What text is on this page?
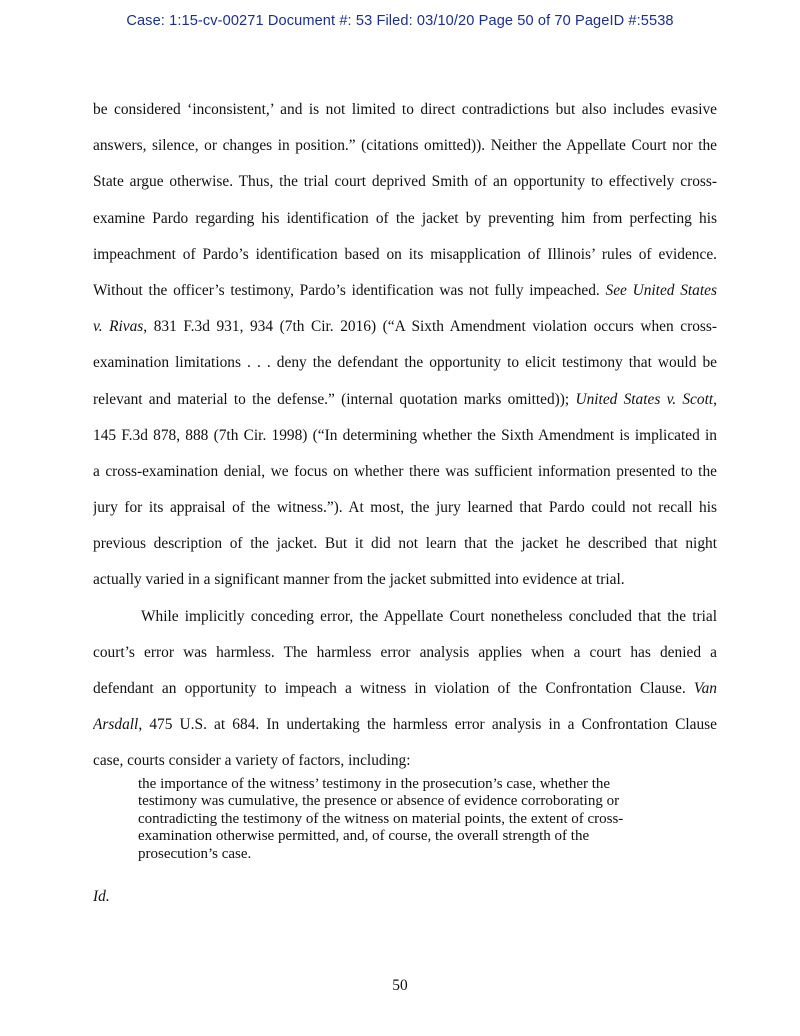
Case: 1:15-cv-00271 Document #: 53 Filed: 03/10/20 Page 50 of 70 PageID #:5538
be considered ‘inconsistent,’ and is not limited to direct contradictions but also includes evasive
answers, silence, or changes in position.” (citations omitted)). Neither the Appellate Court nor the
State argue otherwise. Thus, the trial court deprived Smith of an opportunity to effectively cross-
examine Pardo regarding his identification of the jacket by preventing him from perfecting his
impeachment of Pardo’s identification based on its misapplication of Illinois’ rules of evidence.
Without the officer’s testimony, Pardo’s identification was not fully impeached. See United States
v. Rivas, 831 F.3d 931, 934 (7th Cir. 2016) (“A Sixth Amendment violation occurs when cross-
examination limitations . . . deny the defendant the opportunity to elicit testimony that would be
relevant and material to the defense.” (internal quotation marks omitted)); United States v. Scott,
145 F.3d 878, 888 (7th Cir. 1998) (“In determining whether the Sixth Amendment is implicated in
a cross-examination denial, we focus on whether there was sufficient information presented to the
jury for its appraisal of the witness.”). At most, the jury learned that Pardo could not recall his
previous description of the jacket. But it did not learn that the jacket he described that night
actually varied in a significant manner from the jacket submitted into evidence at trial.
While implicitly conceding error, the Appellate Court nonetheless concluded that the trial
court’s error was harmless. The harmless error analysis applies when a court has denied a
defendant an opportunity to impeach a witness in violation of the Confrontation Clause. Van
Arsdall, 475 U.S. at 684. In undertaking the harmless error analysis in a Confrontation Clause
case, courts consider a variety of factors, including:
the importance of the witness’ testimony in the prosecution’s case, whether the
testimony was cumulative, the presence or absence of evidence corroborating or
contradicting the testimony of the witness on material points, the extent of cross-
examination otherwise permitted, and, of course, the overall strength of the
prosecution’s case.
Id.
50
